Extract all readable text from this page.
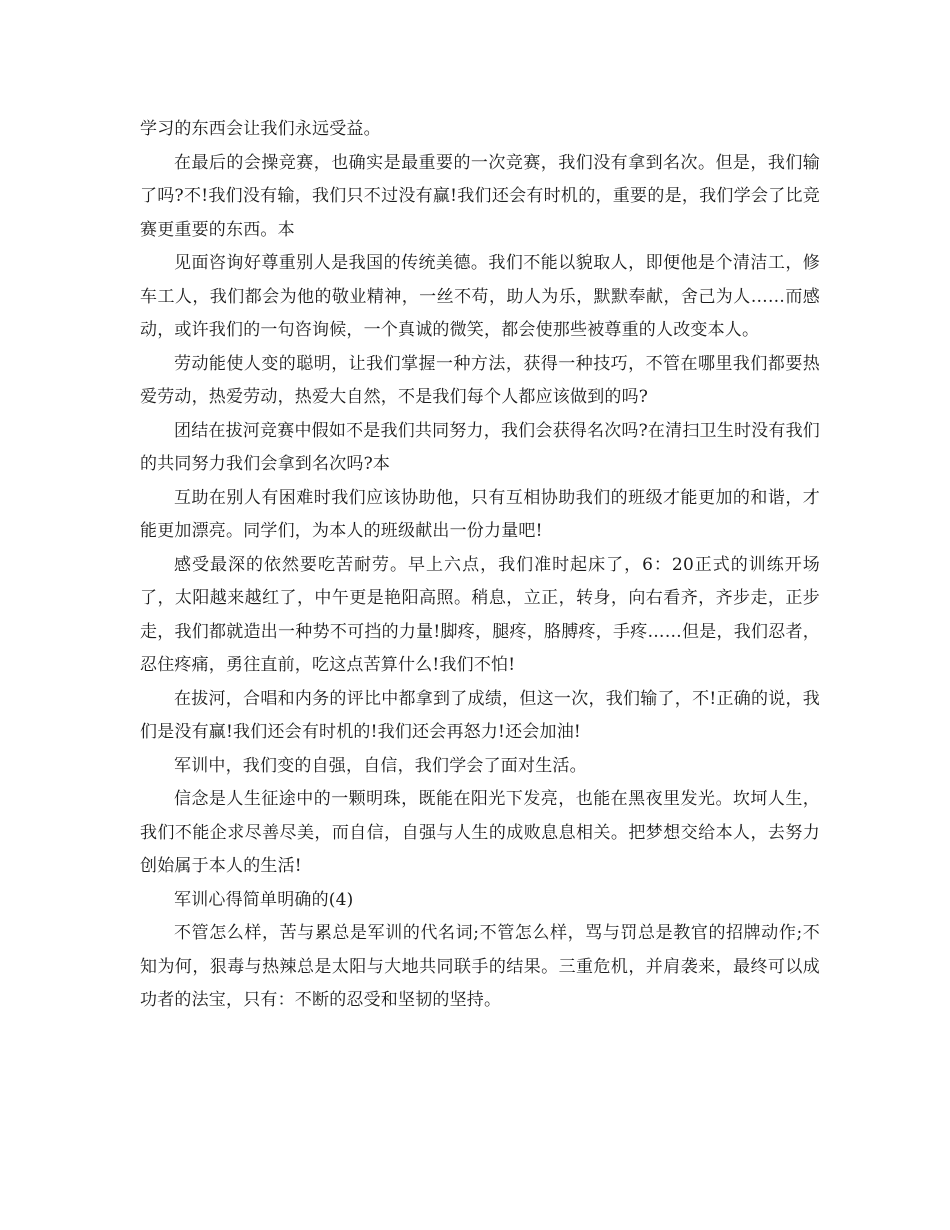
学习的东西会让我们永远受益。

在最后的会操竞赛，也确实是最重要的一次竞赛，我们没有拿到名次。但是，我们输了吗?不!我们没有输，我们只不过没有赢!我们还会有时机的，重要的是，我们学会了比竞赛更重要的东西。本

见面咨询好尊重别人是我国的传统美德。我们不能以貌取人，即便他是个清洁工，修车工人，我们都会为他的敬业精神，一丝不苟，助人为乐，默默奉献，舍己为人……而感动，或许我们的一句咨询候，一个真诚的微笑，都会使那些被尊重的人改变本人。

劳动能使人变的聪明，让我们掌握一种方法，获得一种技巧，不管在哪里我们都要热爱劳动，热爱劳动，热爱大自然，不是我们每个人都应该做到的吗?

团结在拔河竞赛中假如不是我们共同努力，我们会获得名次吗?在清扫卫生时没有我们的共同努力我们会拿到名次吗?本

互助在别人有困难时我们应该协助他，只有互相协助我们的班级才能更加的和谐，才能更加漂亮。同学们，为本人的班级献出一份力量吧!

感受最深的依然要吃苦耐劳。早上六点，我们准时起床了，6：20正式的训练开场了，太阳越来越红了，中午更是艳阳高照。稍息，立正，转身，向右看齐，齐步走，正步走，我们都就造出一种势不可挡的力量!脚疼，腿疼，胳膊疼，手疼……但是，我们忍者，忍住疼痛，勇往直前，吃这点苦算什么!我们不怕!

在拔河，合唱和内务的评比中都拿到了成绩，但这一次，我们输了，不!正确的说，我们是没有赢!我们还会有时机的!我们还会再怒力!还会加油!

军训中，我们变的自强，自信，我们学会了面对生活。

信念是人生征途中的一颗明珠，既能在阳光下发亮，也能在黑夜里发光。坎坷人生，我们不能企求尽善尽美，而自信，自强与人生的成败息息相关。把梦想交给本人，去努力创始属于本人的生活!

军训心得简单明确的(4)

不管怎么样，苦与累总是军训的代名词;不管怎么样，骂与罚总是教官的招牌动作;不知为何，狠毒与热辣总是太阳与大地共同联手的结果。三重危机，并肩袭来，最终可以成功者的法宝，只有：不断的忍受和坚韧的坚持。
